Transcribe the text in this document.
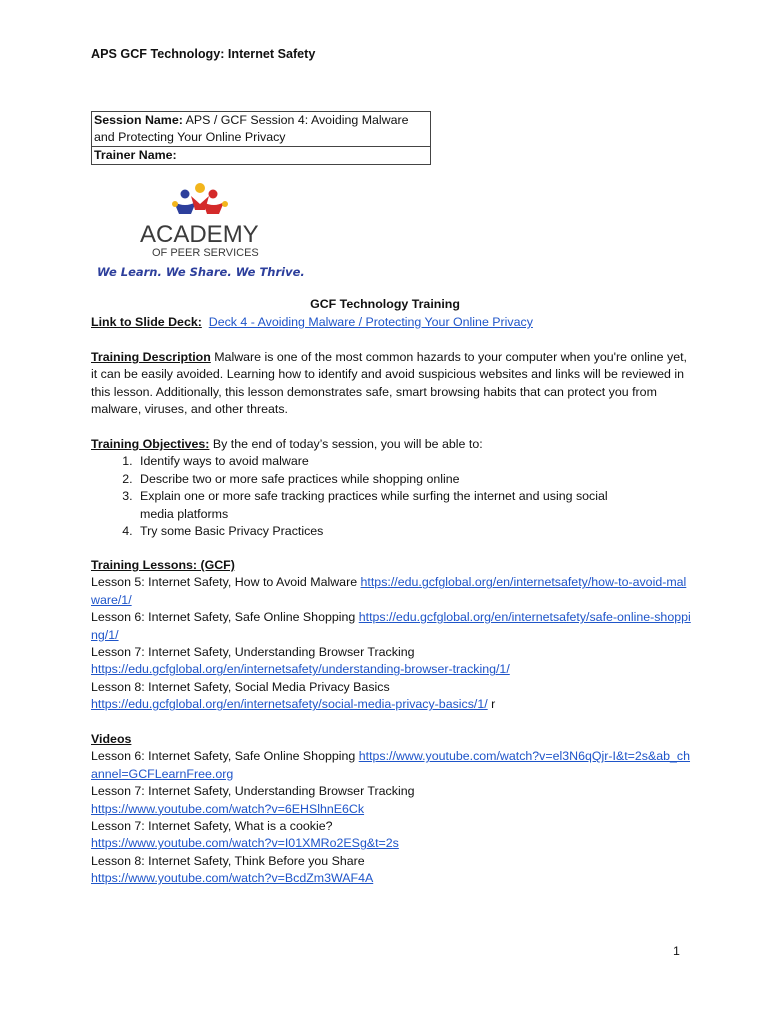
APS GCF Technology: Internet Safety
Session Name: APS / GCF Session 4: Avoiding Malware and Protecting Your Online Privacy
Trainer Name:
ACADEMY
OF PEER SERVICES
We Learn. We Share. We Thrive.
GCF Technology Training
Link to Slide Deck: Deck 4 - Avoiding Malware / Protecting Your Online Privacy

Training Description Malware is one of the most common hazards to your computer when you're online yet, it can be easily avoided. Learning how to identify and avoid suspicious websites and links will be reviewed in this lesson. Additionally, this lesson demonstrates safe, smart browsing habits that can protect you from malware, viruses, and other threats.

Training Objectives: By the end of today’s session, you will be able to:

1. Identify ways to avoid malware
2. Describe two or more safe practices while shopping online
3. Explain one or more safe tracking practices while surfing the internet and using social media platforms
4. Try some Basic Privacy Practices

Training Lessons: (GCF)

Lesson 5: Internet Safety, How to Avoid Malware https://edu.gcfglobal.org/en/internetsafety/how-to-avoid-malware/1/

Lesson 6: Internet Safety, Safe Online Shopping https://edu.gcfglobal.org/en/internetsafety/safe-online-shopping/1/

Lesson 7: Internet Safety, Understanding Browser Tracking
https://edu.gcfglobal.org/en/internetsafety/understanding-browser-tracking/1/

Lesson 8: Internet Safety, Social Media Privacy Basics
https://edu.gcfglobal.org/en/internetsafety/social-media-privacy-basics/1/ r

Videos

Lesson 6: Internet Safety, Safe Online Shopping https://www.youtube.com/watch?v=el3N6qQjr-I&t=2s&ab_channel=GCFLearnFree.org

Lesson 7: Internet Safety, Understanding Browser Tracking
https://www.youtube.com/watch?v=6EHSlhnE6Ck

Lesson 7: Internet Safety, What is a cookie?
https://www.youtube.com/watch?v=I01XMRo2ESg&t=2s

Lesson 8: Internet Safety, Think Before you Share
https://www.youtube.com/watch?v=BcdZm3WAF4A

1
